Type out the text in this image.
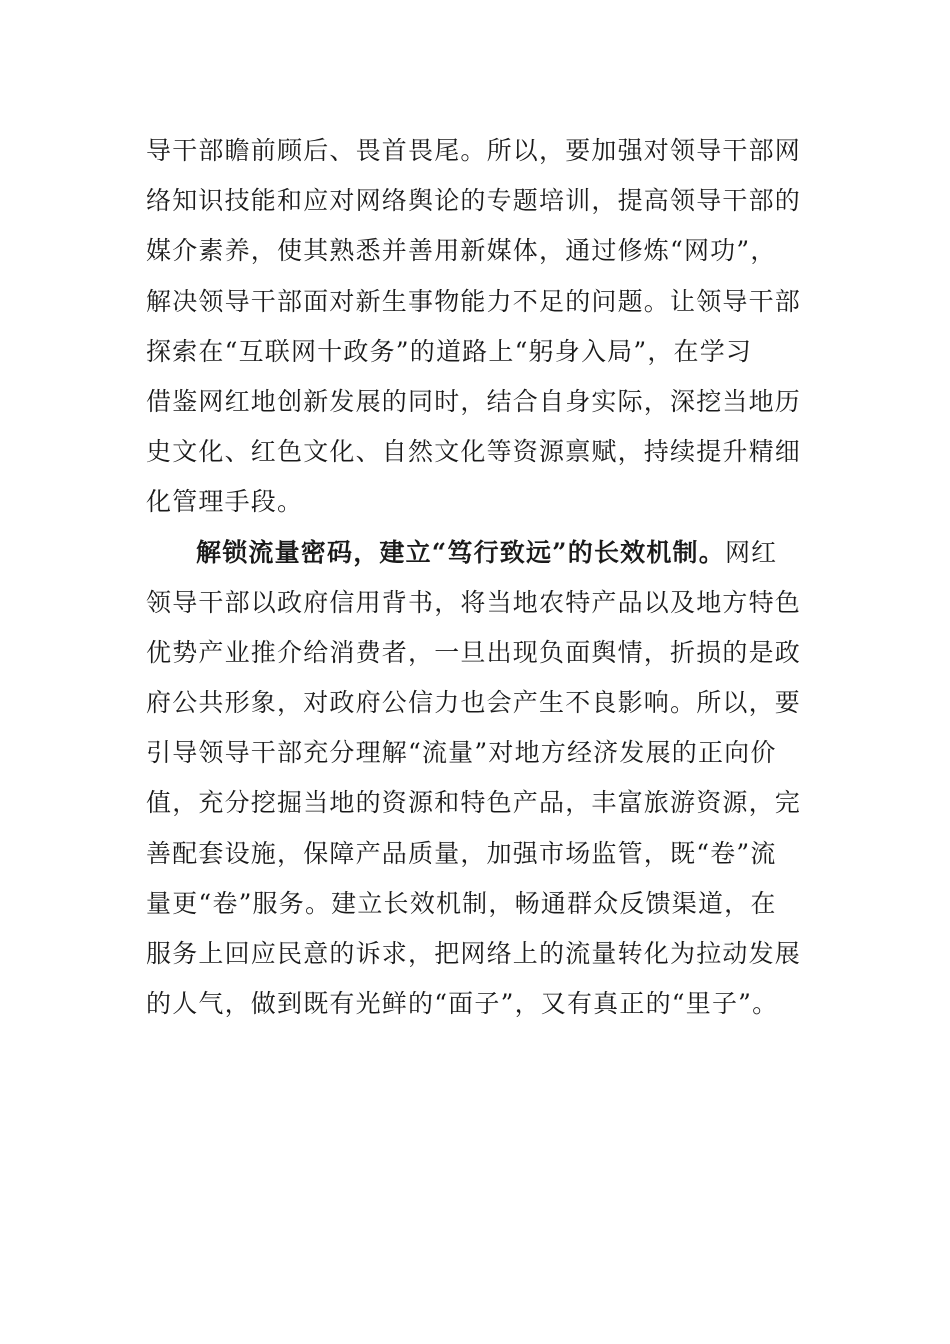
导干部瞻前顾后、畏首畏尾。所以，要加强对领导干部网
络知识技能和应对网络舆论的专题培训，提高领导干部的
媒介素养，使其熟悉并善用新媒体，通过修炼“网功”，
解决领导干部面对新生事物能力不足的问题。让领导干部
探索在“互联网十政务”的道路上“躬身入局”，在学习
借鉴网红地创新发展的同时，结合自身实际，深挖当地历
史文化、红色文化、自然文化等资源禀赋，持续提升精细
化管理手段。
解锁流量密码，建立“笃行致远”的长效机制。网红
领导干部以政府信用背书，将当地农特产品以及地方特色
优势产业推介给消费者，一旦出现负面舆情，折损的是政
府公共形象，对政府公信力也会产生不良影响。所以，要
引导领导干部充分理解“流量”对地方经济发展的正向价
值，充分挖掘当地的资源和特色产品，丰富旅游资源，完
善配套设施，保障产品质量，加强市场监管，既“卷”流
量更“卷”服务。建立长效机制，畅通群众反馈渠道，在
服务上回应民意的诉求，把网络上的流量转化为拉动发展
的人气，做到既有光鲜的“面子”，又有真正的“里子”。
